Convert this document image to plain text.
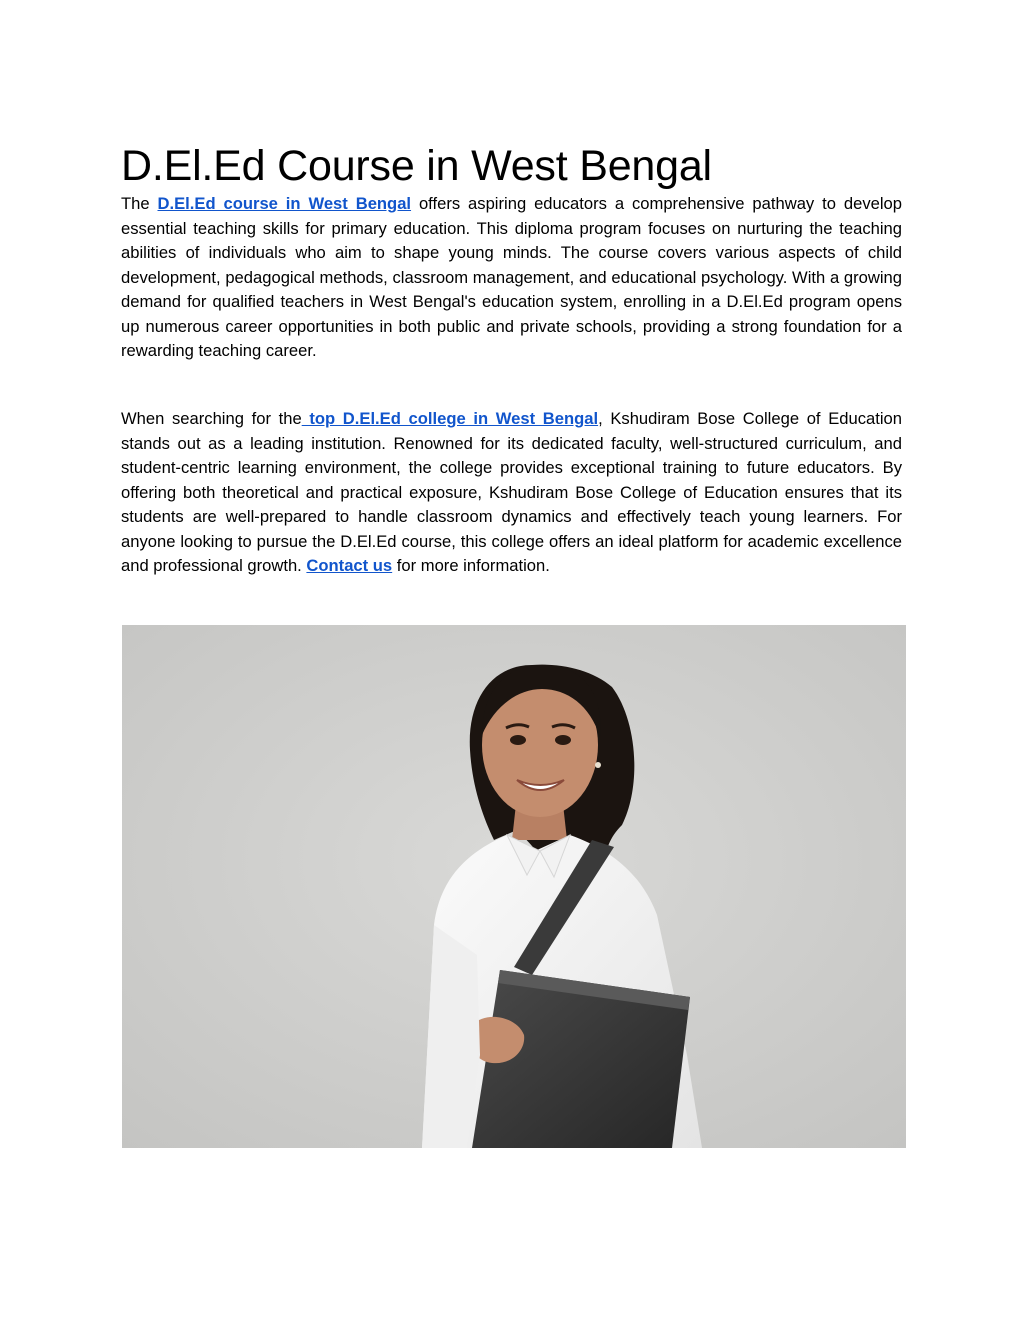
D.El.Ed Course in West Bengal

The D.El.Ed course in West Bengal offers aspiring educators a comprehensive pathway to develop essential teaching skills for primary education. This diploma program focuses on nurturing the teaching abilities of individuals who aim to shape young minds. The course covers various aspects of child development, pedagogical methods, classroom management, and educational psychology. With a growing demand for qualified teachers in West Bengal's education system, enrolling in a D.El.Ed program opens up numerous career opportunities in both public and private schools, providing a strong foundation for a rewarding teaching career.

When searching for the top D.El.Ed college in West Bengal, Kshudiram Bose College of Education stands out as a leading institution. Renowned for its dedicated faculty, well-structured curriculum, and student-centric learning environment, the college provides exceptional training to future educators. By offering both theoretical and practical exposure, Kshudiram Bose College of Education ensures that its students are well-prepared to handle classroom dynamics and effectively teach young learners. For anyone looking to pursue the D.El.Ed course, this college offers an ideal platform for academic excellence and professional growth. Contact us for more information.
